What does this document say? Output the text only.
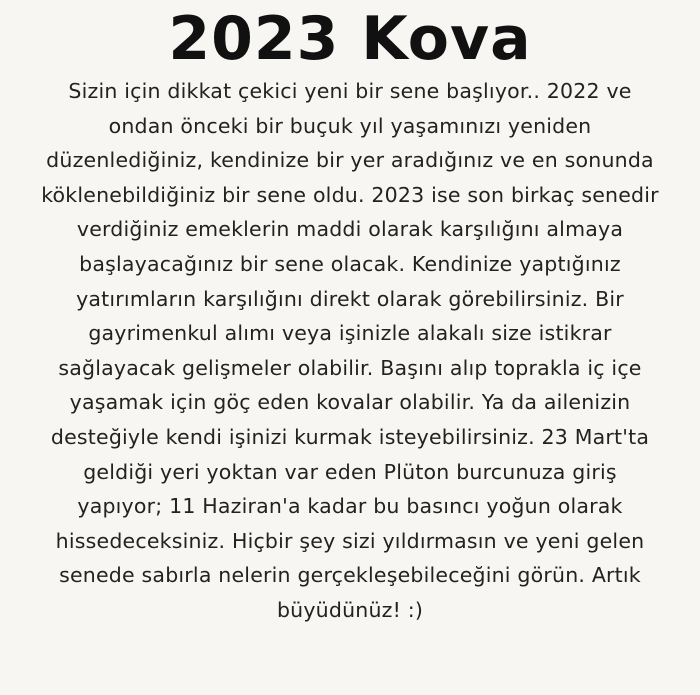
2023 Kova

Sizin için dikkat çekici yeni bir sene başlıyor.. 2022 ve
ondan önceki bir buçuk yıl yaşamınızı yeniden
düzenlediğiniz, kendinize bir yer aradığınız ve en sonunda
köklenebildiğiniz bir sene oldu. 2023 ise son birkaç senedir
verdiğiniz emeklerin maddi olarak karşılığını almaya
başlayacağınız bir sene olacak. Kendinize yaptığınız
yatırımların karşılığını direkt olarak görebilirsiniz. Bir
gayrimenkul alımı veya işinizle alakalı size istikrar
sağlayacak gelişmeler olabilir. Başını alıp toprakla iç içe
yaşamak için göç eden kovalar olabilir. Ya da ailenizin
desteğiyle kendi işinizi kurmak isteyebilirsiniz. 23 Mart'ta
geldiği yeri yoktan var eden Plüton burcunuza giriş
yapıyor; 11 Haziran'a kadar bu basıncı yoğun olarak
hissedeceksiniz. Hiçbir şey sizi yıldırmasın ve yeni gelen
senede sabırla nelerin gerçekleşebileceğini görün. Artık
büyüdünüz! :)
